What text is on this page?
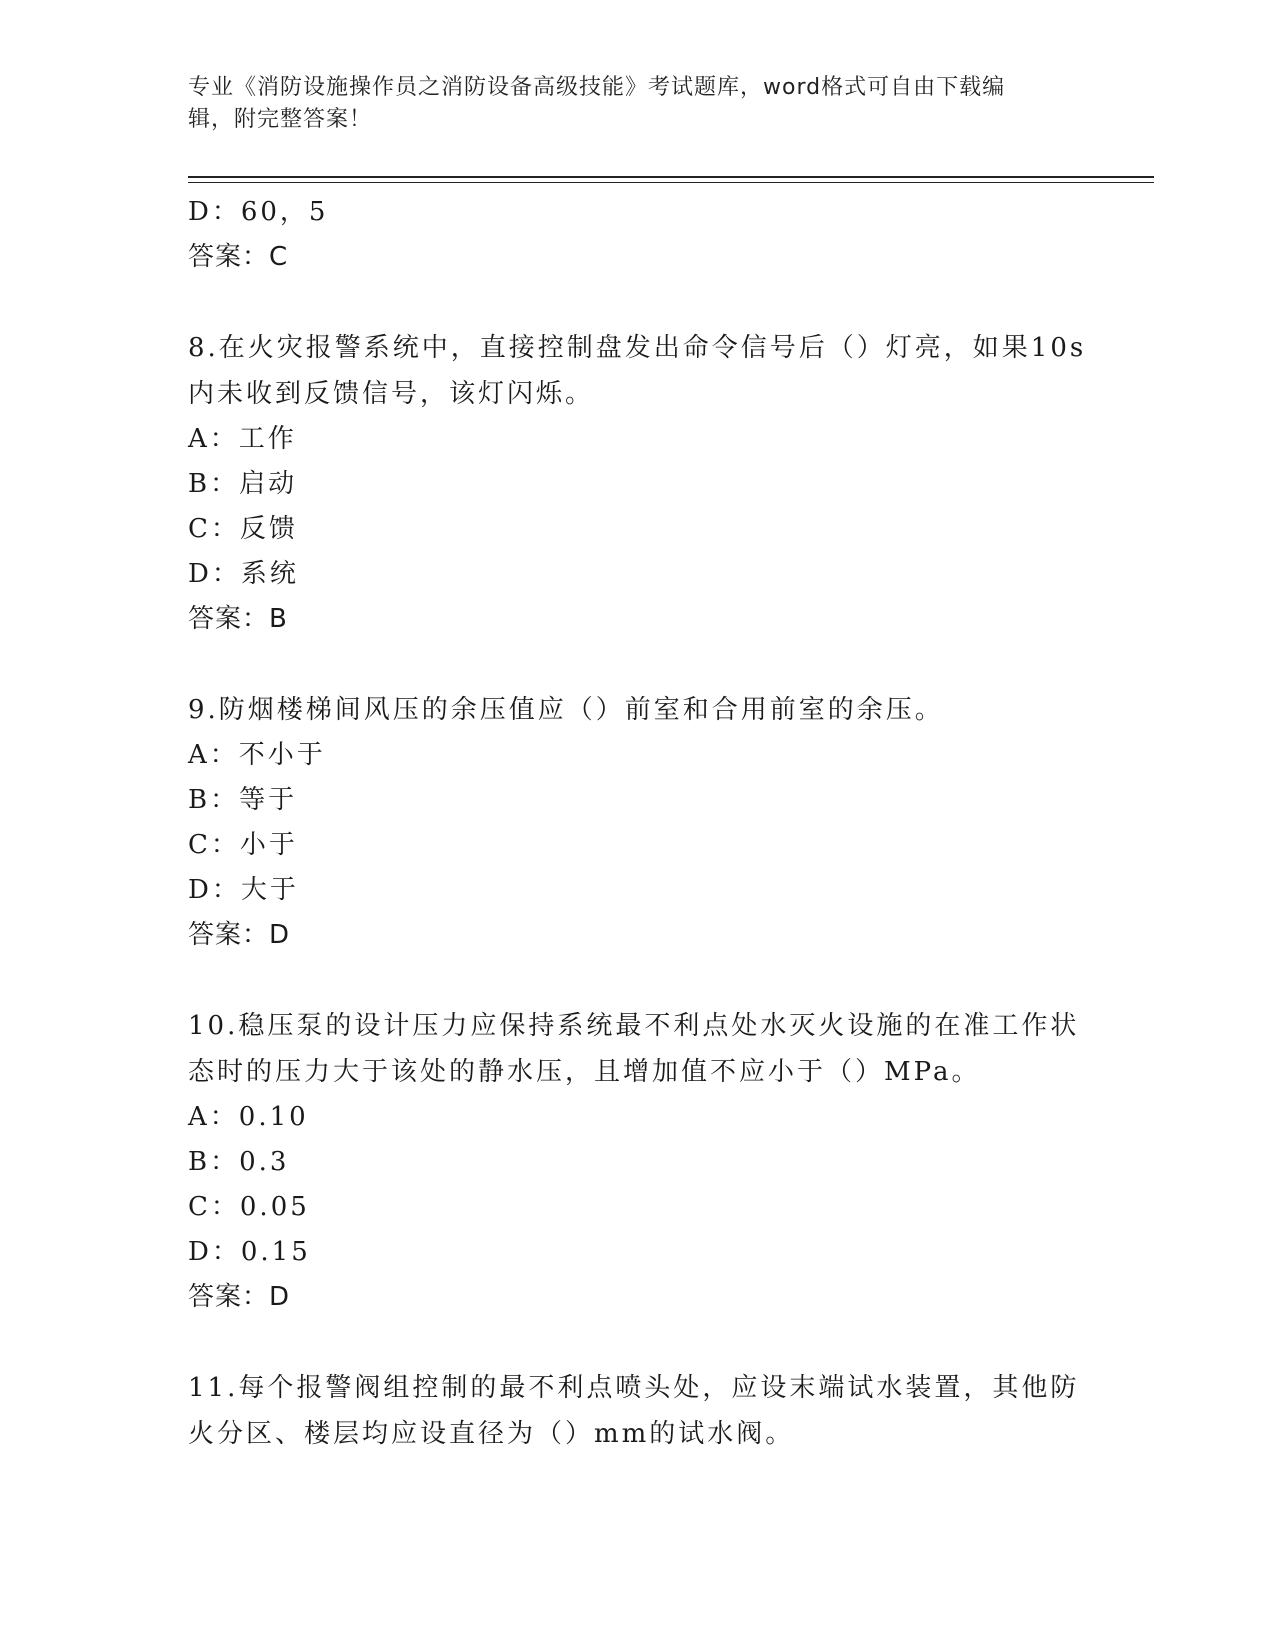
专业《消防设施操作员之消防设备高级技能》考试题库，word格式可自由下载编
辑，附完整答案！
D：60，5
答案：C
8.在火灾报警系统中，直接控制盘发出命令信号后（）灯亮，如果10s
内未收到反馈信号，该灯闪烁。
A：工作
B：启动
C：反馈
D：系统
答案：B
9.防烟楼梯间风压的余压值应（）前室和合用前室的余压。
A：不小于
B：等于
C：小于
D：大于
答案：D
10.稳压泵的设计压力应保持系统最不利点处水灭火设施的在准工作状
态时的压力大于该处的静水压，且增加值不应小于（）MPa。
A：0.10
B：0.3
C：0.05
D：0.15
答案：D
11.每个报警阀组控制的最不利点喷头处，应设末端试水装置，其他防
火分区、楼层均应设直径为（）mm的试水阀。
